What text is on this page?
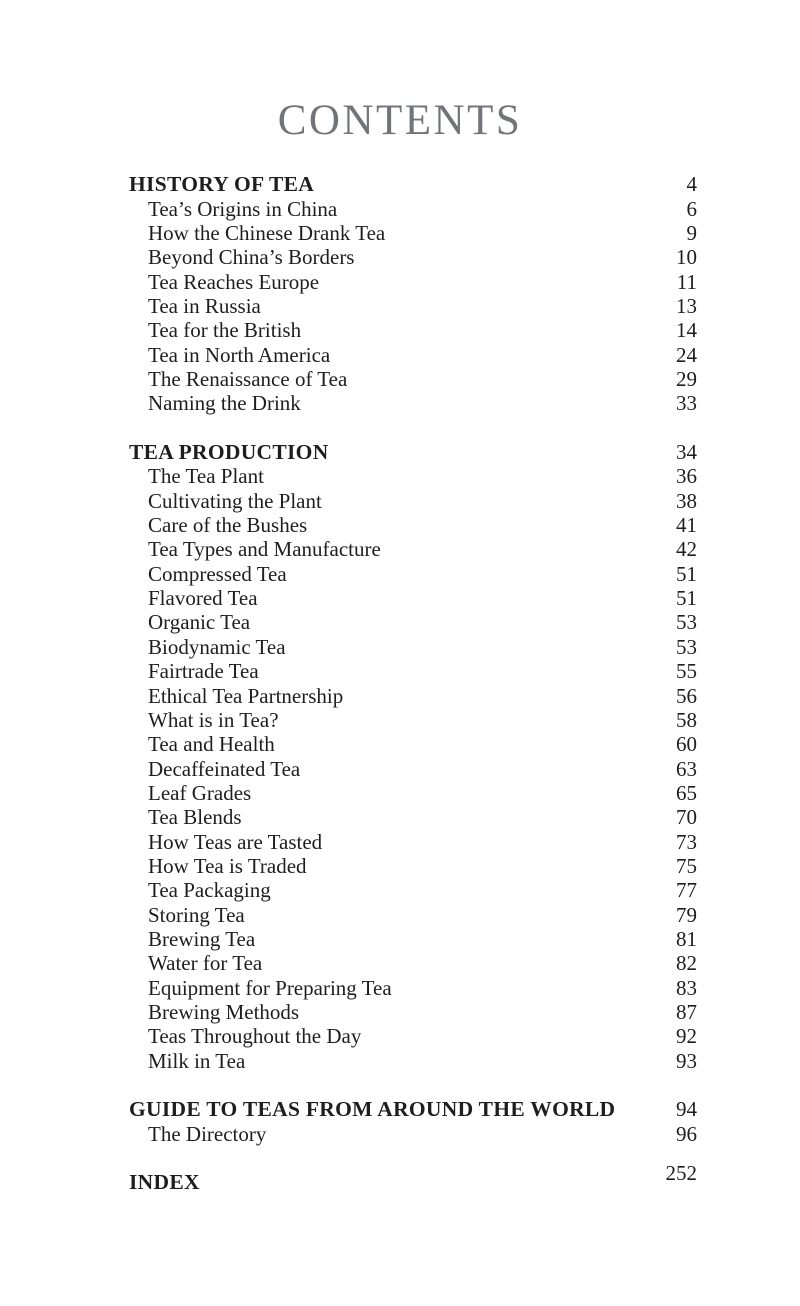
CONTENTS
HISTORY OF TEA	4
Tea’s Origins in China	6
How the Chinese Drank Tea	9
Beyond China’s Borders	10
Tea Reaches Europe	11
Tea in Russia	13
Tea for the British	14
Tea in North America	24
The Renaissance of Tea	29
Naming the Drink	33
TEA PRODUCTION	34
The Tea Plant	36
Cultivating the Plant	38
Care of the Bushes	41
Tea Types and Manufacture	42
Compressed Tea	51
Flavored Tea	51
Organic Tea	53
Biodynamic Tea	53
Fairtrade Tea	55
Ethical Tea Partnership	56
What is in Tea?	58
Tea and Health	60
Decaffeinated Tea	63
Leaf Grades	65
Tea Blends	70
How Teas are Tasted	73
How Tea is Traded	75
Tea Packaging	77
Storing Tea	79
Brewing Tea	81
Water for Tea	82
Equipment for Preparing Tea	83
Brewing Methods	87
Teas Throughout the Day	92
Milk in Tea	93
GUIDE TO TEAS FROM AROUND THE WORLD	94
The Directory	96
INDEX	252
